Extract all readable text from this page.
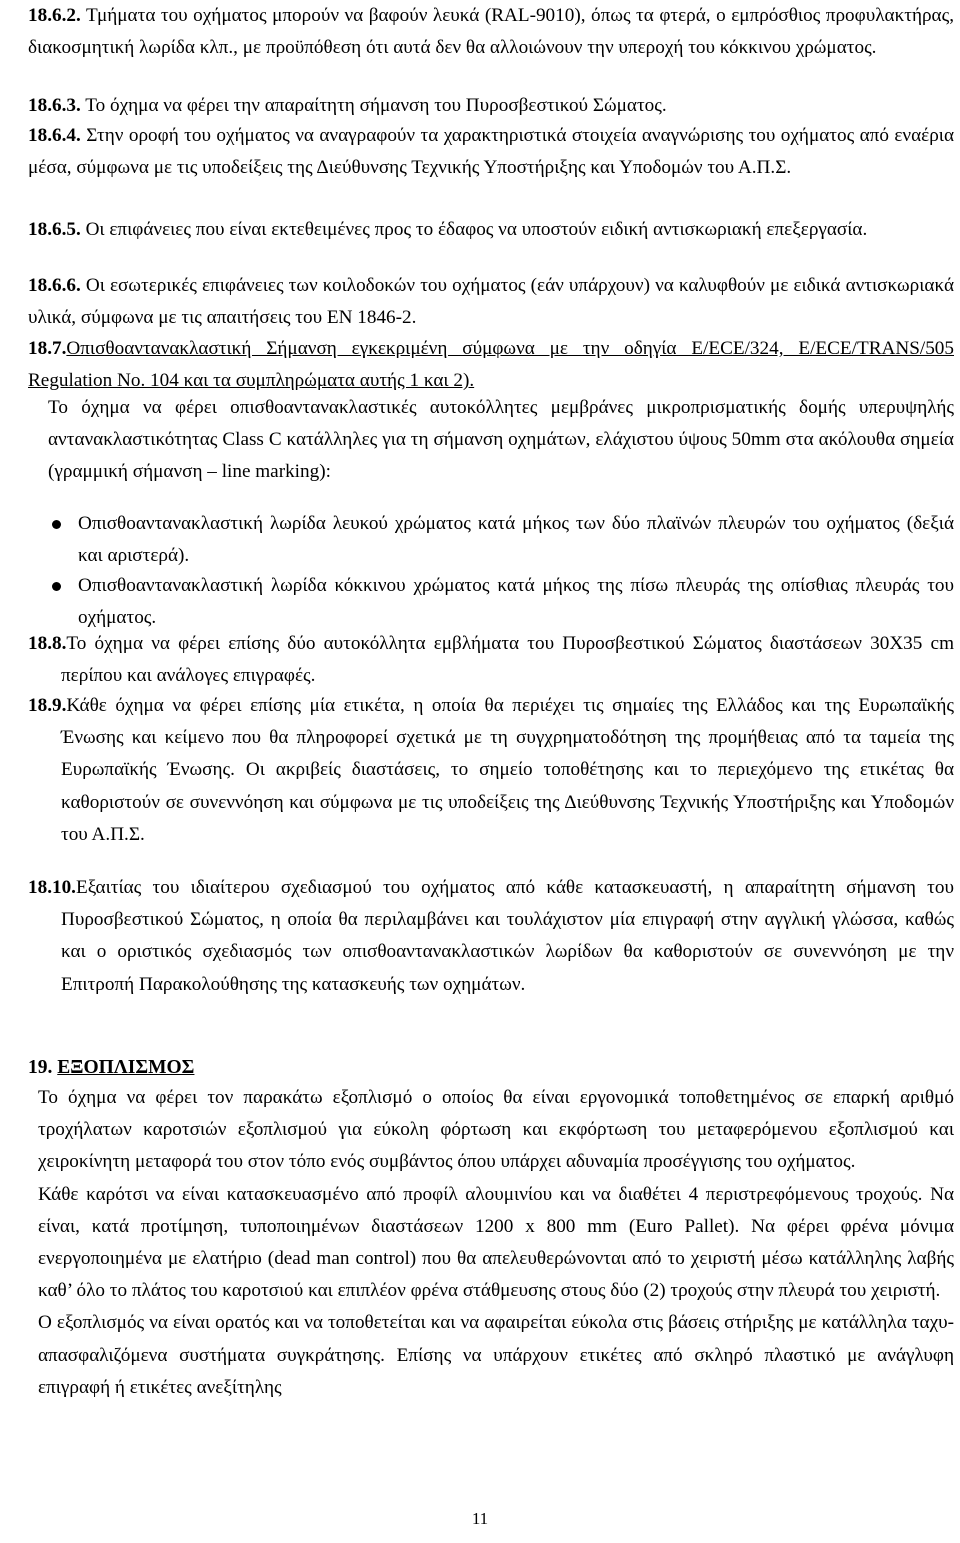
18.6.2. Τμήματα του οχήματος μπορούν να βαφούν λευκά (RAL-9010), όπως τα φτερά, ο εμπρόσθιος προφυλακτήρας, διακοσμητική λωρίδα κλπ., με προϋπόθεση ότι αυτά δεν θα αλλοιώνουν την υπεροχή του κόκκινου χρώματος.

18.6.3. Το όχημα να φέρει την απαραίτητη σήμανση του Πυροσβεστικού Σώματος.

18.6.4. Στην οροφή του οχήματος να αναγραφούν τα χαρακτηριστικά στοιχεία αναγνώρισης του οχήματος από εναέρια μέσα, σύμφωνα με τις υποδείξεις της Διεύθυνσης Τεχνικής Υποστήριξης και Υποδομών του Α.Π.Σ.

18.6.5. Οι επιφάνειες που είναι εκτεθειμένες προς το έδαφος να υποστούν ειδική αντισκωριακή επεξεργασία.

18.6.6. Οι εσωτερικές επιφάνειες των κοιλοδοκών του οχήματος (εάν υπάρχουν) να καλυφθούν με ειδικά αντισκωριακά υλικά, σύμφωνα με τις απαιτήσεις του EN 1846-2.

18.7.Οπισθοαντανακλαστική Σήμανση εγκεκριμένη σύμφωνα με την οδηγία E/ECE/324, E/ECE/TRANS/505 Regulation No. 104 και τα συμπληρώματα αυτής 1 και 2).

Το όχημα να φέρει οπισθοαντανακλαστικές αυτοκόλλητες μεμβράνες μικροπρισματικής δομής υπερυψηλής αντανακλαστικότητας Class C κατάλληλες για τη σήμανση οχημάτων, ελάχιστου ύψους 50mm στα ακόλουθα σημεία (γραμμική σήμανση – line marking):

Οπισθοαντανακλαστική λωρίδα λευκού χρώματος κατά μήκος των δύο πλαϊνών πλευρών του οχήματος (δεξιά και αριστερά).
Οπισθοαντανακλαστική λωρίδα κόκκινου χρώματος κατά μήκος της πίσω πλευράς της οπίσθιας πλευράς του οχήματος.

18.8.Το όχημα να φέρει επίσης δύο αυτοκόλλητα εμβλήματα του Πυροσβεστικού Σώματος διαστάσεων 30Χ35 cm περίπου και ανάλογες επιγραφές.

18.9.Κάθε όχημα να φέρει επίσης μία ετικέτα, η οποία θα περιέχει τις σημαίες της Ελλάδος και της Ευρωπαϊκής Ένωσης και κείμενο που θα πληροφορεί σχετικά με τη συγχρηματοδότηση της προμήθειας από τα ταμεία της Ευρωπαϊκής Ένωσης. Οι ακριβείς διαστάσεις, το σημείο τοποθέτησης και το περιεχόμενο της ετικέτας θα καθοριστούν σε συνεννόηση και σύμφωνα με τις υποδείξεις της Διεύθυνσης Τεχνικής Υποστήριξης και Υποδομών του Α.Π.Σ.

18.10.Εξαιτίας του ιδιαίτερου σχεδιασμού του οχήματος από κάθε κατασκευαστή, η απαραίτητη σήμανση του Πυροσβεστικού Σώματος, η οποία θα περιλαμβάνει και τουλάχιστον μία επιγραφή στην αγγλική γλώσσα, καθώς και ο οριστικός σχεδιασμός των οπισθοαντανακλαστικών λωρίδων θα καθοριστούν σε συνεννόηση με την Επιτροπή Παρακολούθησης της κατασκευής των οχημάτων.

19. ΕΞΟΠΛΙΣΜΟΣ

Το όχημα να φέρει τον παρακάτω εξοπλισμό ο οποίος θα είναι εργονομικά τοποθετημένος σε επαρκή αριθμό τροχήλατων καροτσιών εξοπλισμού για εύκολη φόρτωση και εκφόρτωση του μεταφερόμενου εξοπλισμού και χειροκίνητη μεταφορά του στον τόπο ενός συμβάντος όπου υπάρχει αδυναμία προσέγγισης του οχήματος.

Κάθε καρότσι να είναι κατασκευασμένο από προφίλ αλουμινίου και να διαθέτει 4 περιστρεφόμενους τροχούς. Να είναι, κατά προτίμηση, τυποποιημένων διαστάσεων 1200 x 800 mm (Euro Pallet). Να φέρει φρένα μόνιμα ενεργοποιημένα με ελατήριο (dead man control) που θα απελευθερώνονται από το χειριστή μέσω κατάλληλης λαβής καθ’ όλο το πλάτος του καροτσιού και επιπλέον φρένα στάθμευσης στους δύο (2) τροχούς στην πλευρά του χειριστή.

Ο εξοπλισμός να είναι ορατός και να τοποθετείται και να αφαιρείται εύκολα στις βάσεις στήριξης με κατάλληλα ταχυ-απασφαλιζόμενα συστήματα συγκράτησης. Επίσης να υπάρχουν ετικέτες από σκληρό πλαστικό με ανάγλυφη επιγραφή ή ετικέτες ανεξίτηλης

11
